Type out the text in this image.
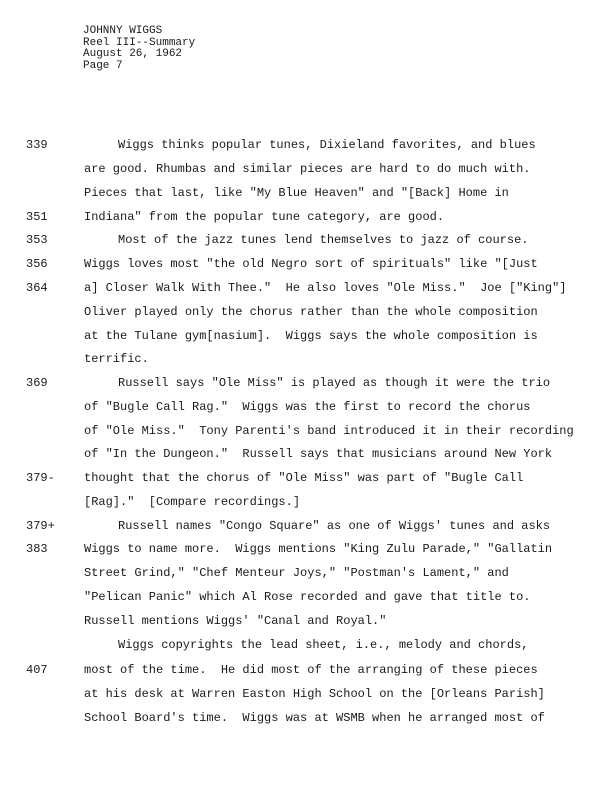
JOHNNY WIGGS
Reel III--Summary
August 26, 1962
Page 7

339

	Wiggs thinks popular tunes, Dixieland favorites, and blues

are good. Rhumbas and similar pieces are hard to do much with.

Pieces that last, like "My Blue Heaven" and "[Back] Home in

351

	Indiana" from the popular tune category, are good.

353

	Most of the jazz tunes lend themselves to jazz of course.

356

	Wiggs loves most "the old Negro sort of spirituals" like "[Just

364

	a] Closer Walk With Thee."  He also loves "Ole Miss."  Joe ["King"]

Oliver played only the chorus rather than the whole composition

at the Tulane gym[nasium].  Wiggs says the whole composition is

terrific.

369

	Russell says "Ole Miss" is played as though it were the trio

of "Bugle Call Rag."  Wiggs was the first to record the chorus

of "Ole Miss."  Tony Parenti's band introduced it in their recording

of "In the Dungeon."  Russell says that musicians around New York

379-

thought that the chorus of "Ole Miss" was part of "Bugle Call

[Rag]."  [Compare recordings.]

379+

	Russell names "Congo Square" as one of Wiggs' tunes and asks

383

	Wiggs to name more.  Wiggs mentions "King Zulu Parade," "Gallatin

Street Grind," "Chef Menteur Joys," "Postman's Lament," and

"Pelican Panic" which Al Rose recorded and gave that title to.

Russell mentions Wiggs' "Canal and Royal."

Wiggs copyrights the lead sheet, i.e., melody and chords,

407

	most of the time.  He did most of the arranging of these pieces

at his desk at Warren Easton High School on the [Orleans Parish]

School Board's time.  Wiggs was at WSMB when he arranged most of
